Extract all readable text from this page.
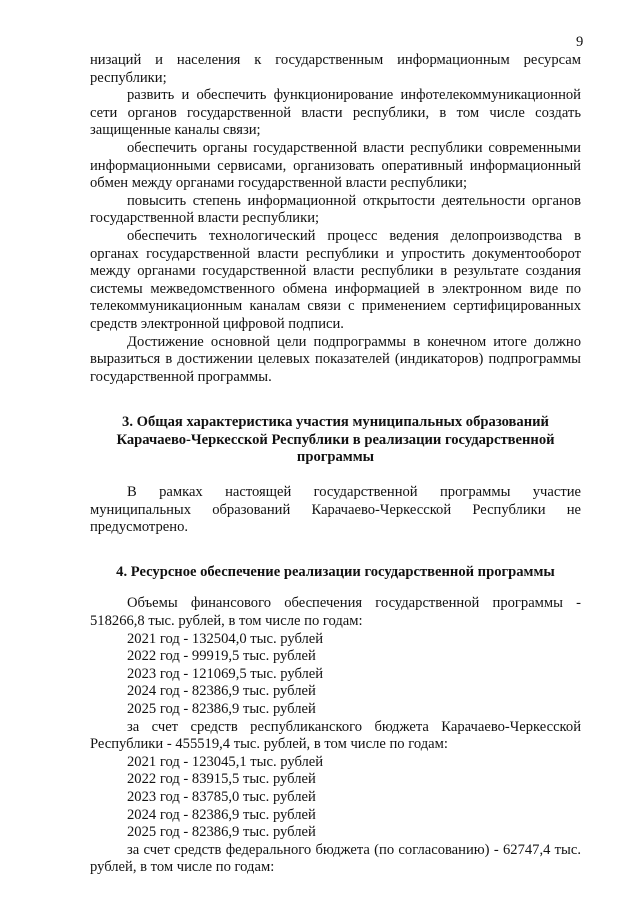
9

низаций и населения к государственным информационным ресурсам республики;

развить и обеспечить функционирование инфотелекоммуникационной сети органов государственной власти республики, в том числе создать защищенные каналы связи;

обеспечить органы государственной власти республики современными информационными сервисами, организовать оперативный информационный обмен между органами государственной власти республики;

повысить степень информационной открытости деятельности органов государственной власти республики;

обеспечить технологический процесс ведения делопроизводства в органах государственной власти республики и упростить документооборот между органами государственной власти республики в результате создания системы межведомственного обмена информацией в электронном виде по телекоммуникационным каналам связи с применением сертифицированных средств электронной цифровой подписи.

Достижение основной цели подпрограммы в конечном итоге должно выразиться в достижении целевых показателей (индикаторов) подпрограммы государственной программы.

3. Общая характеристика участия муниципальных образований
Карачаево-Черкесской Республики в реализации государственной
программы

В рамках настоящей государственной программы участие муниципальных образований Карачаево-Черкесской Республики не предусмотрено.

4. Ресурсное обеспечение реализации государственной программы

Объемы финансового обеспечения государственной программы - 518266,8 тыс. рублей, в том числе по годам:

2021 год - 132504,0 тыс. рублей
2022 год - 99919,5 тыс. рублей
2023 год - 121069,5 тыс. рублей
2024 год - 82386,9 тыс. рублей
2025 год - 82386,9 тыс. рублей

за счет средств республиканского бюджета Карачаево-Черкесской Республики - 455519,4 тыс. рублей, в том числе по годам:

2021 год - 123045,1 тыс. рублей
2022 год - 83915,5 тыс. рублей
2023 год - 83785,0 тыс. рублей
2024 год - 82386,9 тыс. рублей
2025 год - 82386,9 тыс. рублей

за счет средств федерального бюджета (по согласованию) - 62747,4 тыс. рублей, в том числе по годам:
